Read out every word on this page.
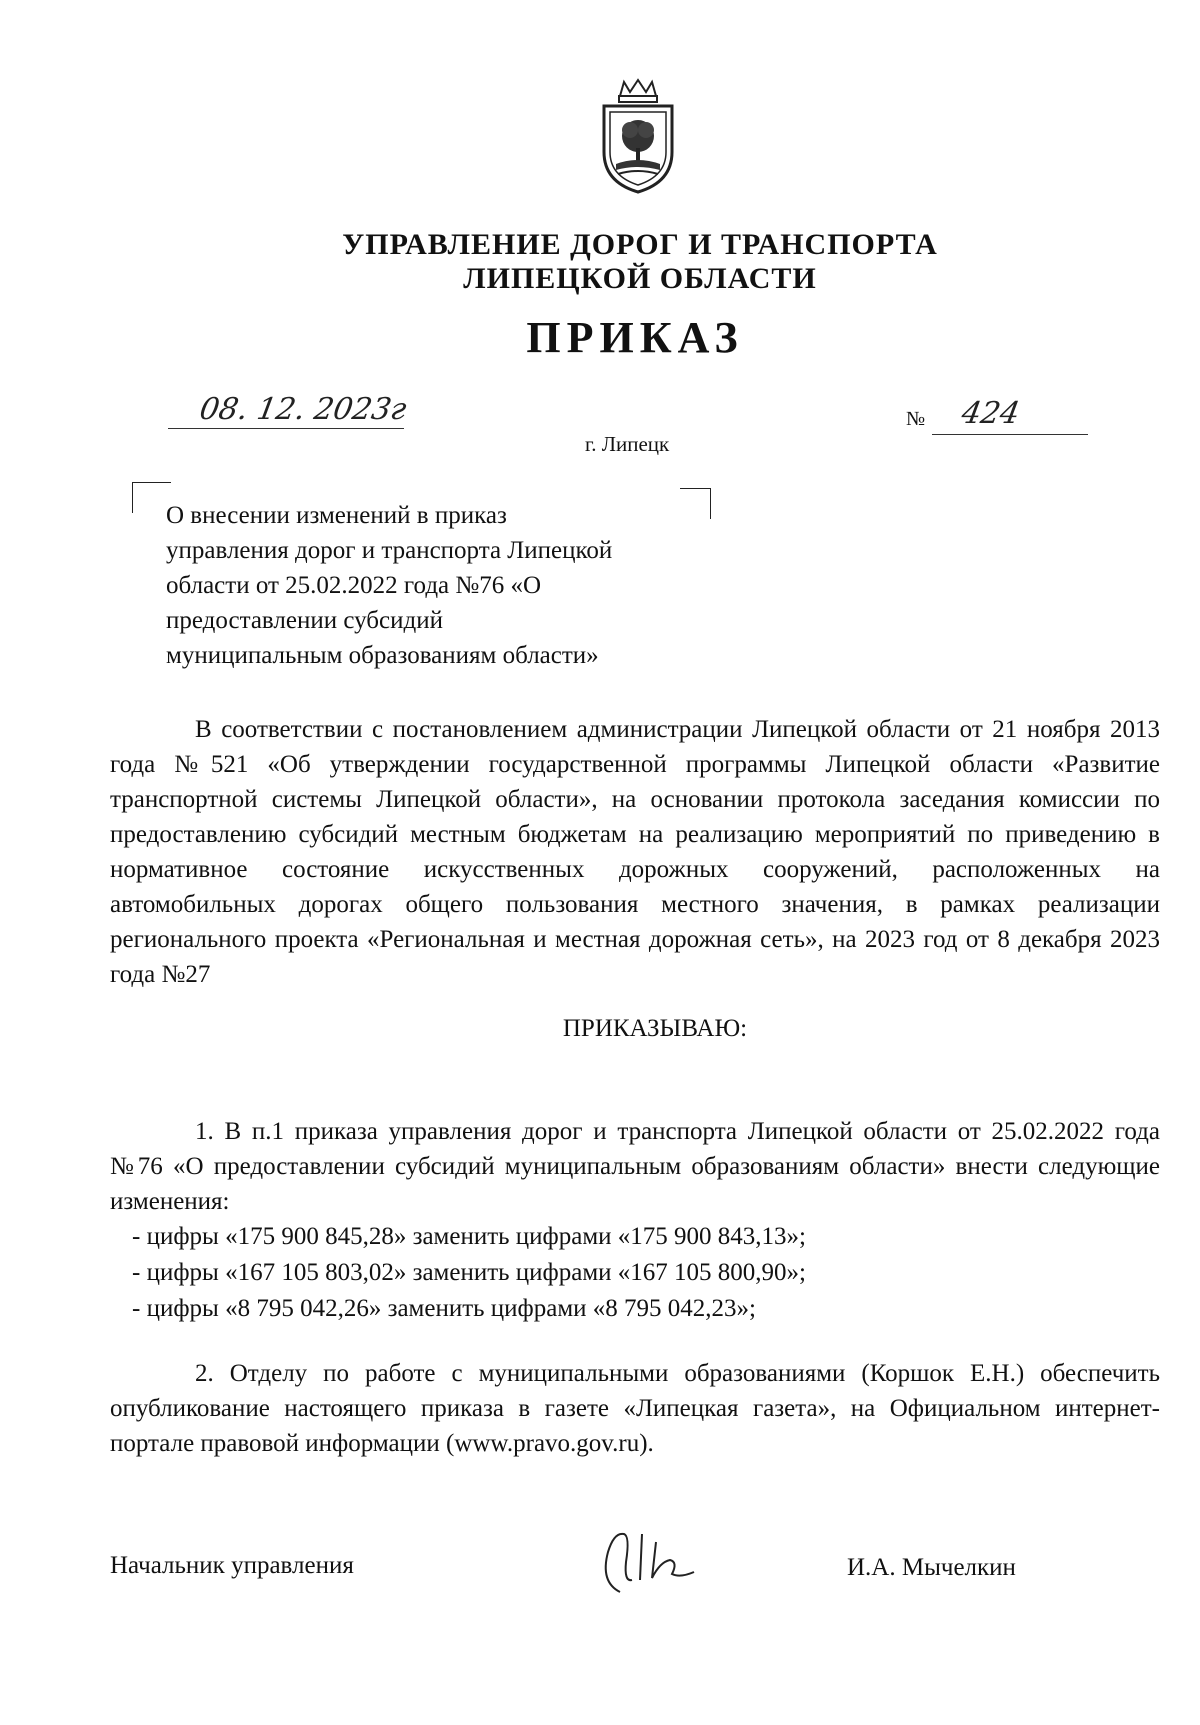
УПРАВЛЕНИЕ ДОРОГ И ТРАНСПОРТА
ЛИПЕЦКОЙ ОБЛАСТИ
ПРИКАЗ
08. 12. 2023г	№ 424
г. Липецк
О внесении изменений в приказ
управления дорог и транспорта Липецкой
области от 25.02.2022 года №76 «О
предоставлении субсидий
муниципальным образованиям области»

В соответствии с постановлением администрации Липецкой области от 21 ноября 2013 года №521 «Об утверждении государственной программы Липецкой области «Развитие транспортной системы Липецкой области», на основании протокола заседания комиссии по предоставлению субсидий местным бюджетам на реализацию мероприятий по приведению в нормативное состояние искусственных дорожных сооружений, расположенных на автомобильных дорогах общего пользования местного значения, в рамках реализации регионального проекта «Региональная и местная дорожная сеть», на 2023 год от 8 декабря 2023 года №27

ПРИКАЗЫВАЮ:

1. В п.1 приказа управления дорог и транспорта Липецкой области от 25.02.2022 года №76 «О предоставлении субсидий муниципальным образованиям области» внести следующие изменения:

- цифры «175 900 845,28» заменить цифрами «175 900 843,13»;
- цифры «167 105 803,02» заменить цифрами «167 105 800,90»;
- цифры «8 795 042,26» заменить цифрами «8 795 042,23»;

2. Отделу по работе с муниципальными образованиями (Коршок Е.Н.) обеспечить опубликование настоящего приказа в газете «Липецкая газета», на Официальном интернет-портале правовой информации (www.pravo.gov.ru).

Начальник управления	И.А. Мычелкин
